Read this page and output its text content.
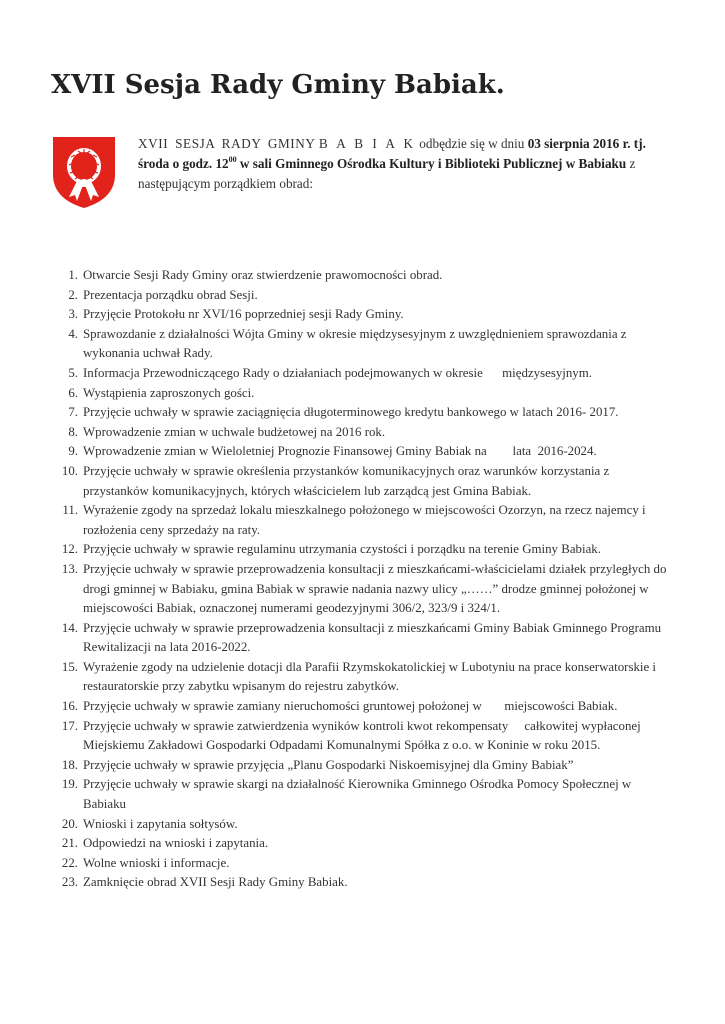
XVII Sesja Rady Gminy Babiak.

XVII SESJA RADY GMINY B A B I A K odbędzie się w dniu 03 sierpnia 2016 r. tj. środa o godz. $12^{00}$ w sali Gminnego Ośrodka Kultury i Biblioteki Publicznej w Babiaku z następującym porządkiem obrad:

1. Otwarcie Sesji Rady Gminy oraz stwierdzenie prawomocności obrad.
2. Prezentacja porządku obrad Sesji.
3. Przyjęcie Protokołu nr XVI/16 poprzedniej sesji Rady Gminy.
4. Sprawozdanie z działalności Wójta Gminy w okresie międzysesyjnym z uwzględnieniem sprawozdania z wykonania uchwał Rady.
5. Informacja Przewodniczącego Rady o działaniach podejmowanych w okresie      międzysesyjnym.
6. Wystąpienia zaproszonych gości.
7. Przyjęcie uchwały w sprawie zaciągnięcia długoterminowego kredytu bankowego w latach 2016- 2017.
8. Wprowadzenie zmian w uchwale budżetowej na 2016 rok.
9. Wprowadzenie zmian w Wieloletniej Prognozie Finansowej Gminy Babiak na        lata  2016-2024.
10. Przyjęcie uchwały w sprawie określenia przystanków komunikacyjnych oraz warunków korzystania z przystanków komunikacyjnych, których właścicielem lub zarządcą jest Gmina Babiak.
11. Wyrażenie zgody na sprzedaż lokalu mieszkalnego położonego w miejscowości Ozorzyn, na rzecz najemcy i rozłożenia ceny sprzedaży na raty.
12. Przyjęcie uchwały w sprawie regulaminu utrzymania czystości i porządku na terenie Gminy Babiak.
13. Przyjęcie uchwały w sprawie przeprowadzenia konsultacji z mieszkańcami-właścicielami działek przyległych do drogi gminnej w Babiaku, gmina Babiak w sprawie nadania nazwy ulicy „……” drodze gminnej położonej w miejscowości Babiak, oznaczonej numerami geodezyjnymi 306/2, 323/9 i 324/1.
14. Przyjęcie uchwały w sprawie przeprowadzenia konsultacji z mieszkańcami Gminy Babiak Gminnego Programu Rewitalizacji na lata 2016-2022.
15. Wyrażenie zgody na udzielenie dotacji dla Parafii Rzymskokatolickiej w Lubotyniu na prace konserwatorskie i restauratorskie przy zabytku wpisanym do rejestru zabytków.
16. Przyjęcie uchwały w sprawie zamiany nieruchomości gruntowej położonej w       miejscowości Babiak.
17. Przyjęcie uchwały w sprawie zatwierdzenia wyników kontroli kwot rekompensaty     całkowitej wypłaconej Miejskiemu Zakładowi Gospodarki Odpadami Komunalnymi Spółka z o.o. w Koninie w roku 2015.
18. Przyjęcie uchwały w sprawie przyjęcia „Planu Gospodarki Niskoemisyjnej dla Gminy Babiak”
19. Przyjęcie uchwały w sprawie skargi na działalność Kierownika Gminnego Ośrodka Pomocy Społecznej w Babiaku
20. Wnioski i zapytania sołtysów.
21. Odpowiedzi na wnioski i zapytania.
22. Wolne wnioski i informacje.
23. Zamknięcie obrad XVII Sesji Rady Gminy Babiak.
